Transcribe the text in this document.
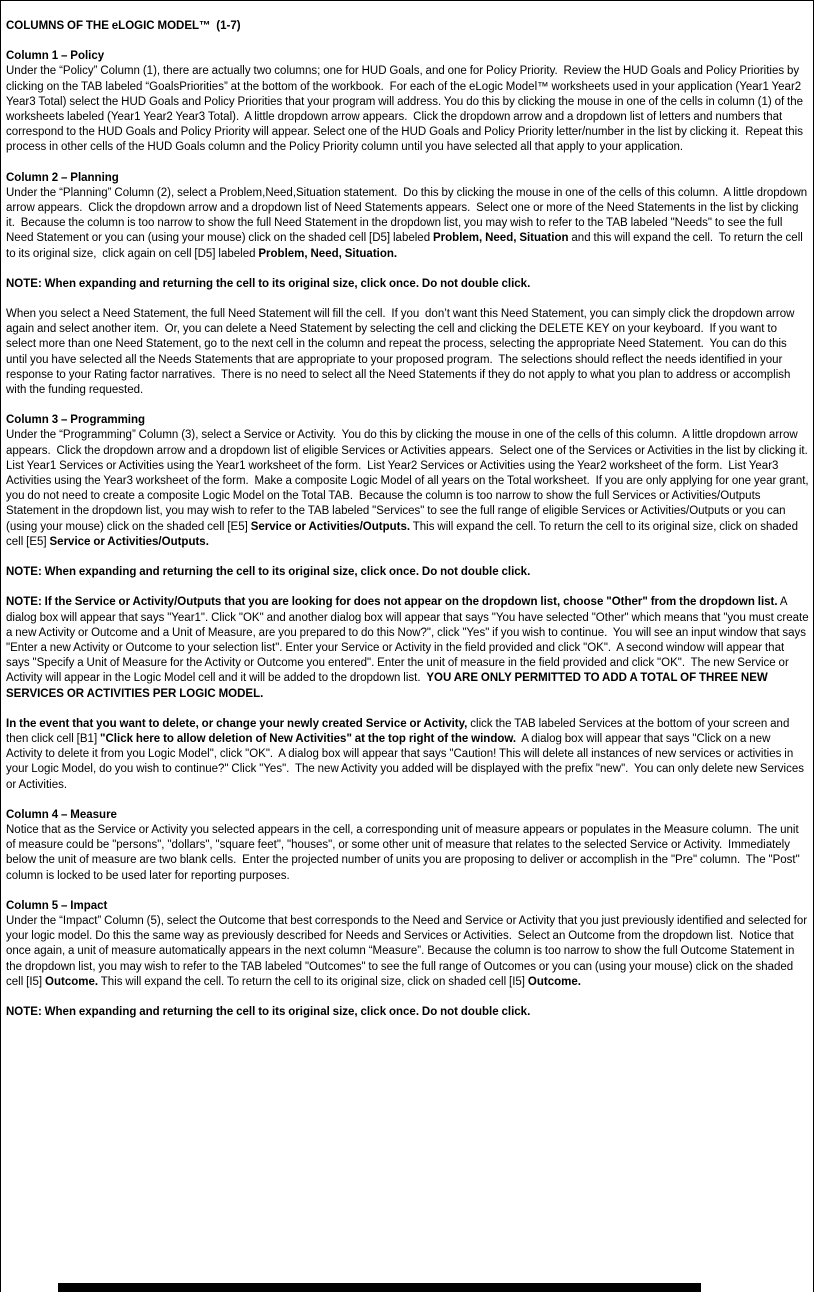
COLUMNS OF THE eLOGIC MODEL™  (1-7)
Column 1 – Policy
Under the “Policy” Column (1), there are actually two columns; one for HUD Goals, and one for Policy Priority.  Review the HUD Goals and Policy Priorities by clicking on the TAB labeled “GoalsPriorities” at the bottom of the workbook.  For each of the eLogic Model™ worksheets used in your application (Year1 Year2 Year3 Total) select the HUD Goals and Policy Priorities that your program will address. You do this by clicking the mouse in one of the cells in column (1) of the worksheets labeled (Year1 Year2 Year3 Total).  A little dropdown arrow appears.  Click the dropdown arrow and a dropdown list of letters and numbers that correspond to the HUD Goals and Policy Priority will appear. Select one of the HUD Goals and Policy Priority letter/number in the list by clicking it.  Repeat this process in other cells of the HUD Goals column and the Policy Priority column until you have selected all that apply to your application.
Column 2 – Planning
Under the “Planning” Column (2), select a Problem,Need,Situation statement.  Do this by clicking the mouse in one of the cells of this column.  A little dropdown arrow appears.  Click the dropdown arrow and a dropdown list of Need Statements appears.  Select one or more of the Need Statements in the list by clicking it.  Because the column is too narrow to show the full Need Statement in the dropdown list, you may wish to refer to the TAB labeled "Needs" to see the full Need Statement or you can (using your mouse) click on the shaded cell [D5] labeled Problem, Need, Situation and this will expand the cell.  To return the cell to its original size,  click again on cell [D5] labeled Problem, Need, Situation.
NOTE: When expanding and returning the cell to its original size, click once. Do not double click.
When you select a Need Statement, the full Need Statement will fill the cell.  If you  don’t want this Need Statement, you can simply click the dropdown arrow again and select another item.  Or, you can delete a Need Statement by selecting the cell and clicking the DELETE KEY on your keyboard.  If you want to select more than one Need Statement, go to the next cell in the column and repeat the process, selecting the appropriate Need Statement.  You can do this until you have selected all the Needs Statements that are appropriate to your proposed program.  The selections should reflect the needs identified in your response to your Rating factor narratives.  There is no need to select all the Need Statements if they do not apply to what you plan to address or accomplish with the funding requested.
Column 3 – Programming
Under the “Programming” Column (3), select a Service or Activity.  You do this by clicking the mouse in one of the cells of this column.  A little dropdown arrow appears.  Click the dropdown arrow and a dropdown list of eligible Services or Activities appears.  Select one of the Services or Activities in the list by clicking it. List Year1 Services or Activities using the Year1 worksheet of the form.  List Year2 Services or Activities using the Year2 worksheet of the form.  List Year3 Activities using the Year3 worksheet of the form.  Make a composite Logic Model of all years on the Total worksheet.  If you are only applying for one year grant, you do not need to create a composite Logic Model on the Total TAB.  Because the column is too narrow to show the full Services or Activities/Outputs Statement in the dropdown list, you may wish to refer to the TAB labeled "Services" to see the full range of eligible Services or Activities/Outputs or you can (using your mouse) click on the shaded cell [E5] Service or Activities/Outputs. This will expand the cell. To return the cell to its original size, click on shaded cell [E5] Service or Activities/Outputs.
NOTE: When expanding and returning the cell to its original size, click once. Do not double click.
NOTE: If the Service or Activity/Outputs that you are looking for does not appear on the dropdown list, choose "Other" from the dropdown list. A dialog box will appear that says "Year1". Click "OK" and another dialog box will appear that says "You have selected "Other" which means that "you must create a new Activity or Outcome and a Unit of Measure, are you prepared to do this Now?", click "Yes" if you wish to continue.  You will see an input window that says "Enter a new Activity or Outcome to your selection list". Enter your Service or Activity in the field provided and click "OK".  A second window will appear that says "Specify a Unit of Measure for the Activity or Outcome you entered". Enter the unit of measure in the field provided and click "OK".  The new Service or Activity will appear in the Logic Model cell and it will be added to the dropdown list.  YOU ARE ONLY PERMITTED TO ADD A TOTAL OF THREE NEW SERVICES OR ACTIVITIES PER LOGIC MODEL.
In the event that you want to delete, or change your newly created Service or Activity, click the TAB labeled Services at the bottom of your screen and then click cell [B1] "Click here to allow deletion of New Activities" at the top right of the window.  A dialog box will appear that says "Click on a new Activity to delete it from you Logic Model", click "OK".  A dialog box will appear that says "Caution! This will delete all instances of new services or activities in your Logic Model, do you wish to continue?" Click "Yes".  The new Activity you added will be displayed with the prefix "new".  You can only delete new Services or Activities.
Column 4 – Measure
Notice that as the Service or Activity you selected appears in the cell, a corresponding unit of measure appears or populates in the Measure column.  The unit of measure could be "persons", "dollars", "square feet", "houses", or some other unit of measure that relates to the selected Service or Activity.  Immediately below the unit of measure are two blank cells.  Enter the projected number of units you are proposing to deliver or accomplish in the "Pre" column.  The "Post" column is locked to be used later for reporting purposes.
Column 5 – Impact
Under the “Impact” Column (5), select the Outcome that best corresponds to the Need and Service or Activity that you just previously identified and selected for your logic model. Do this the same way as previously described for Needs and Services or Activities.  Select an Outcome from the dropdown list.  Notice that once again, a unit of measure automatically appears in the next column “Measure”. Because the column is too narrow to show the full Outcome Statement in the dropdown list, you may wish to refer to the TAB labeled "Outcomes" to see the full range of Outcomes or you can (using your mouse) click on the shaded cell [I5] Outcome. This will expand the cell. To return the cell to its original size, click on shaded cell [I5] Outcome.
NOTE: When expanding and returning the cell to its original size, click once. Do not double click.
